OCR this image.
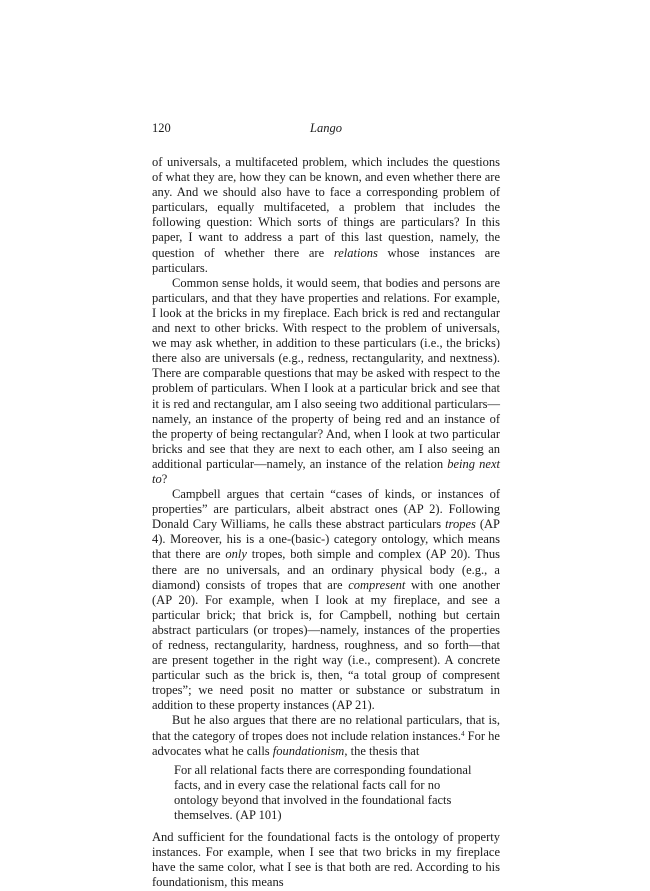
120	Lango

of universals, a multifaceted problem, which includes the questions of what they are, how they can be known, and even whether there are any. And we should also have to face a corresponding problem of particulars, equally multifaceted, a problem that includes the following question: Which sorts of things are particulars? In this paper, I want to address a part of this last question, namely, the question of whether there are relations whose instances are particulars.

Common sense holds, it would seem, that bodies and persons are particulars, and that they have properties and relations. For example, I look at the bricks in my fireplace. Each brick is red and rectangular and next to other bricks. With respect to the problem of universals, we may ask whether, in addition to these particulars (i.e., the bricks) there also are universals (e.g., redness, rectangularity, and nextness). There are comparable questions that may be asked with respect to the problem of particulars. When I look at a particular brick and see that it is red and rectangular, am I also seeing two additional particulars—namely, an instance of the property of being red and an instance of the property of being rectangular? And, when I look at two particular bricks and see that they are next to each other, am I also seeing an additional particular—namely, an instance of the relation being next to?

Campbell argues that certain “cases of kinds, or instances of properties” are particulars, albeit abstract ones (AP 2). Following Donald Cary Williams, he calls these abstract particulars tropes (AP 4). Moreover, his is a one-(basic-) category ontology, which means that there are only tropes, both simple and complex (AP 20). Thus there are no universals, and an ordinary physical body (e.g., a diamond) consists of tropes that are compresent with one another (AP 20). For example, when I look at my fireplace, and see a particular brick; that brick is, for Campbell, nothing but certain abstract particulars (or tropes)—namely, instances of the properties of redness, rectangularity, hardness, roughness, and so forth—that are present together in the right way (i.e., compresent). A concrete particular such as the brick is, then, “a total group of compresent tropes”; we need posit no matter or substance or substratum in addition to these property instances (AP 21).

But he also argues that there are no relational particulars, that is, that the category of tropes does not include relation instances.$^4$ For he advocates what he calls foundationism, the thesis that

For all relational facts there are corresponding foundational facts, and in every case the relational facts call for no ontology beyond that involved in the foundational facts themselves. (AP 101)

And sufficient for the foundational facts is the ontology of property instances. For example, when I see that two bricks in my fireplace have the same color, what I see is that both are red. According to his foundationism, this means
